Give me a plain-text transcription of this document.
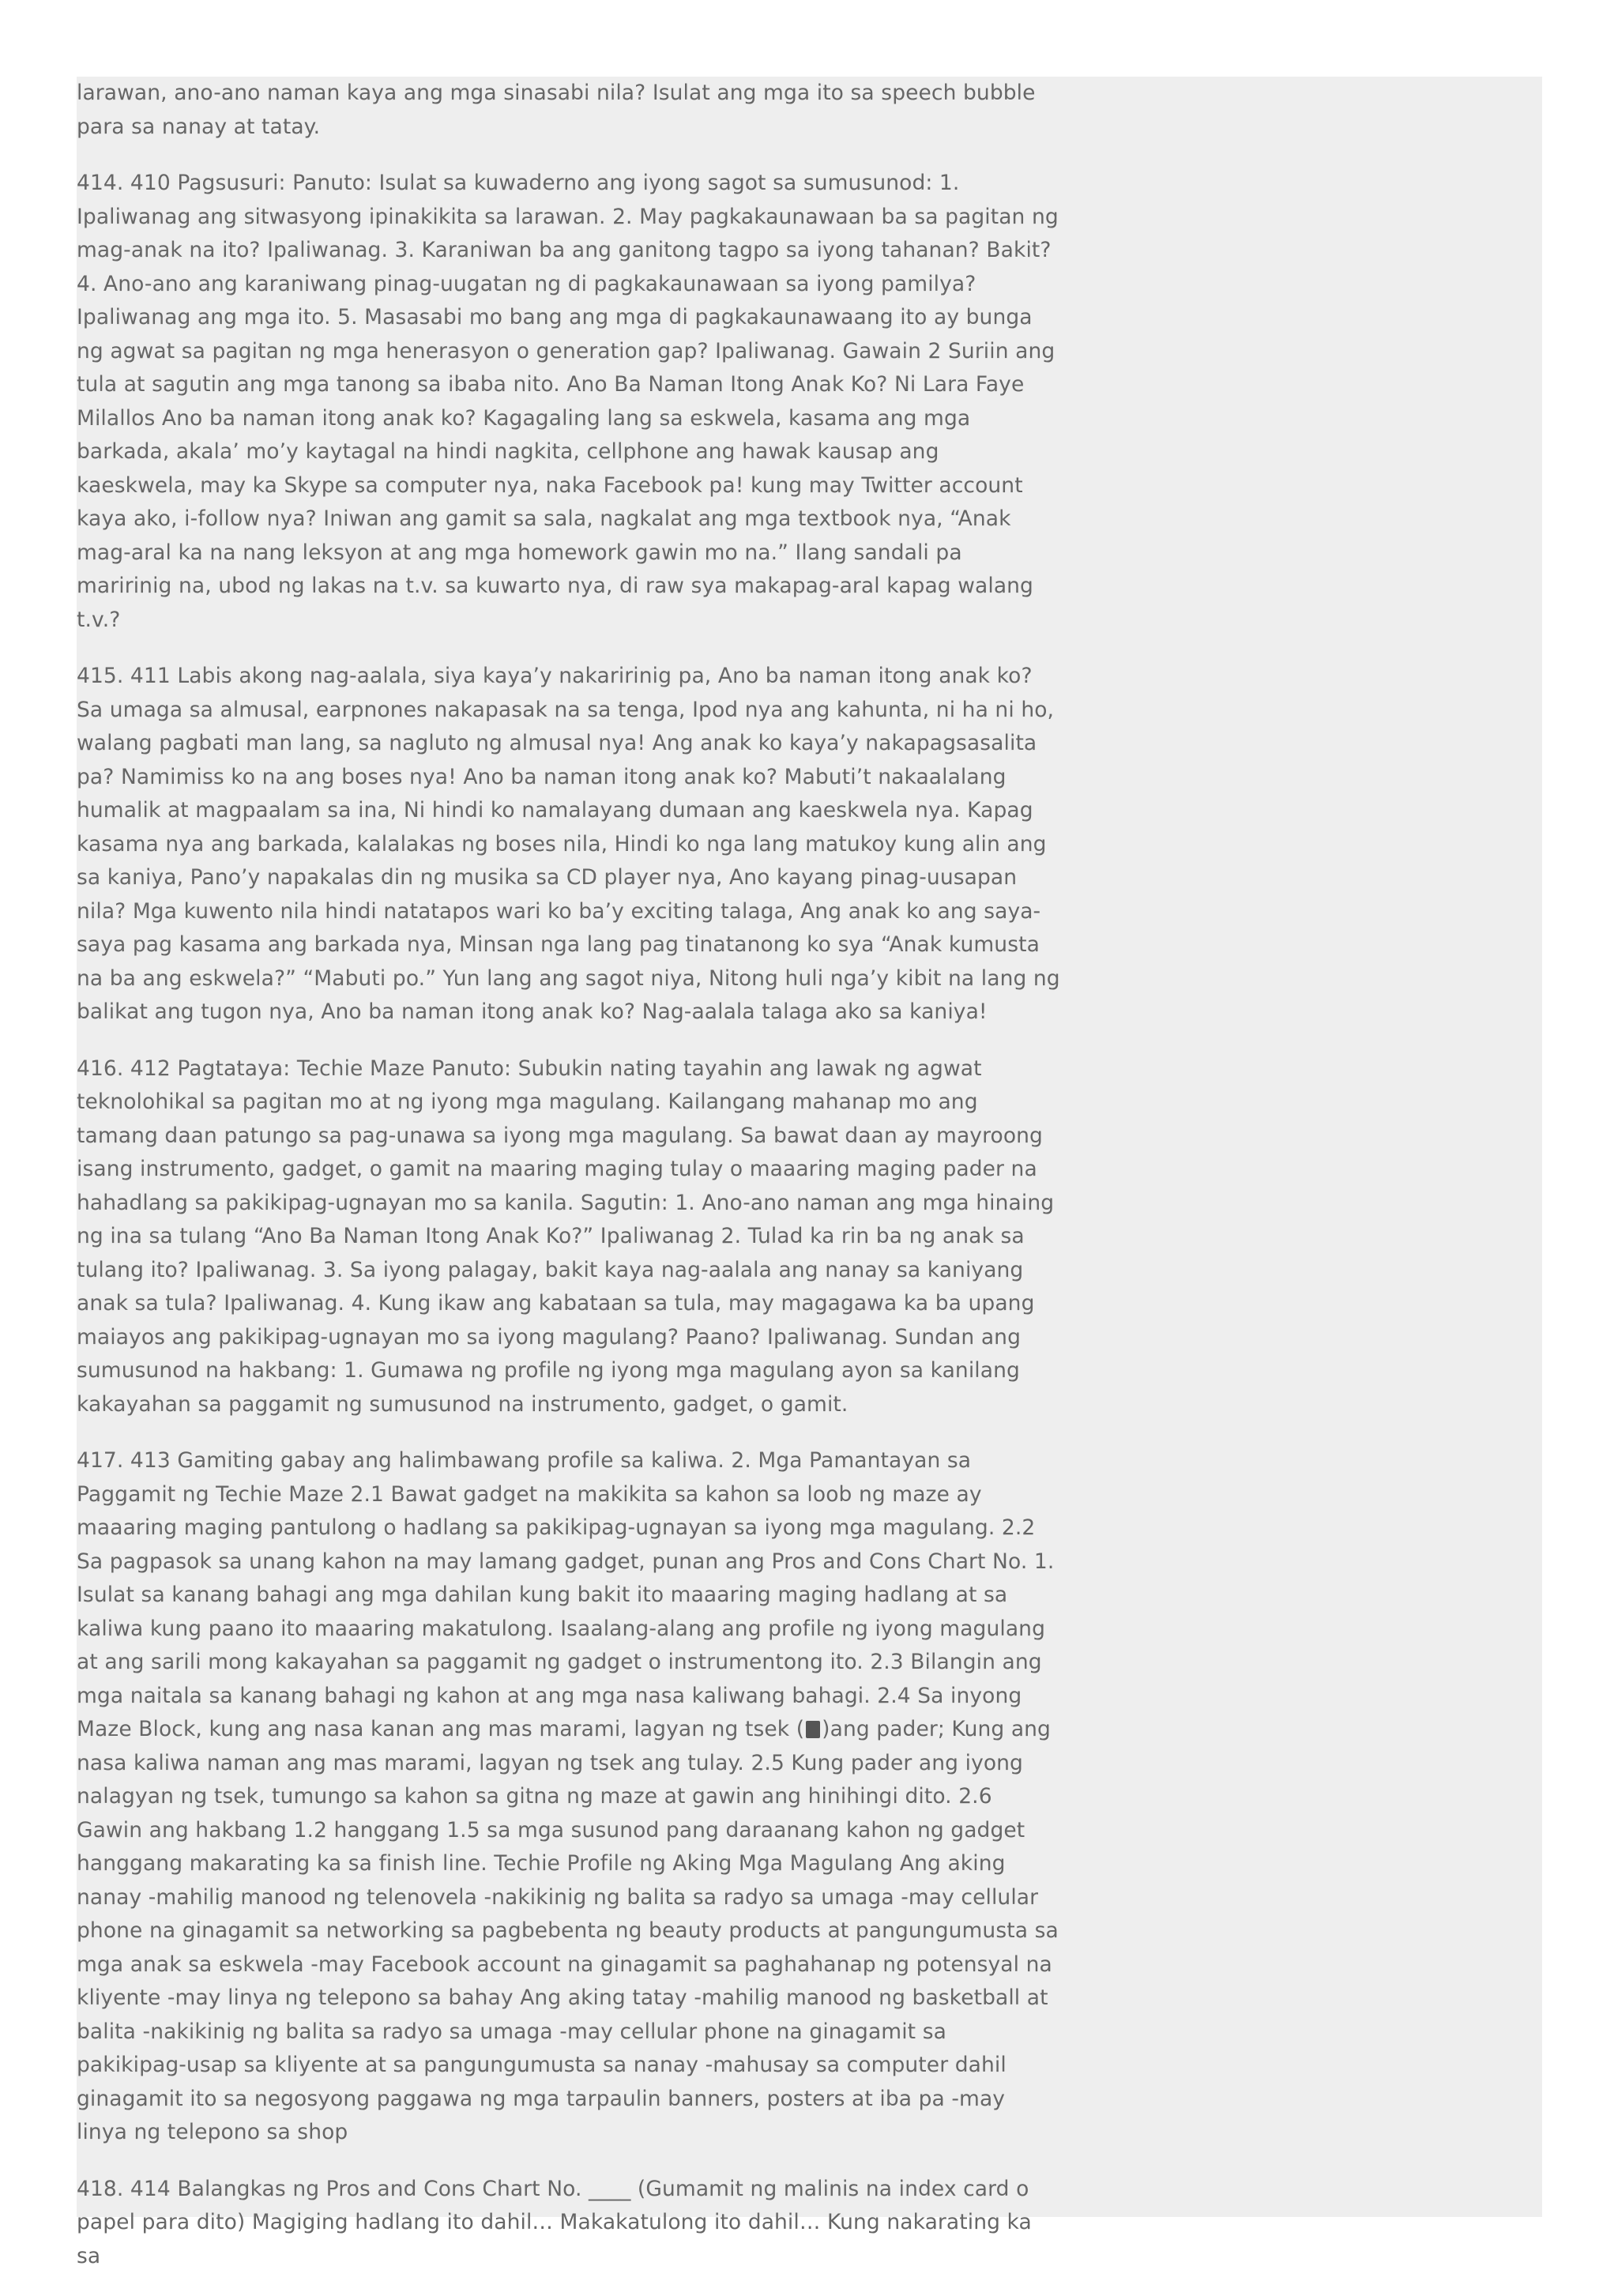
larawan, ano-ano naman kaya ang mga sinasabi nila? Isulat ang mga ito sa speech bubble para sa nanay at tatay.

414. 410 Pagsusuri: Panuto: Isulat sa kuwaderno ang iyong sagot sa sumusunod: 1. Ipaliwanag ang sitwasyong ipinakikita sa larawan. 2. May pagkakaunawaan ba sa pagitan ng mag-anak na ito? Ipaliwanag. 3. Karaniwan ba ang ganitong tagpo sa iyong tahanan? Bakit? 4. Ano-ano ang karaniwang pinag-uugatan ng di pagkakaunawaan sa iyong pamilya? Ipaliwanag ang mga ito. 5. Masasabi mo bang ang mga di pagkakaunawaang ito ay bunga ng agwat sa pagitan ng mga henerasyon o generation gap? Ipaliwanag. Gawain 2 Suriin ang tula at sagutin ang mga tanong sa ibaba nito. Ano Ba Naman Itong Anak Ko? Ni Lara Faye Milallos Ano ba naman itong anak ko? Kagagaling lang sa eskwela, kasama ang mga barkada, akala’ mo’y kaytagal na hindi nagkita, cellphone ang hawak kausap ang kaeskwela, may ka Skype sa computer nya, naka Facebook pa! kung may Twitter account kaya ako, i-follow nya? Iniwan ang gamit sa sala, nagkalat ang mga textbook nya, “Anak mag-aral ka na nang leksyon at ang mga homework gawin mo na.” Ilang sandali pa maririnig na, ubod ng lakas na t.v. sa kuwarto nya, di raw sya makapag-aral kapag walang t.v.?

415. 411 Labis akong nag-aalala, siya kaya’y nakaririnig pa, Ano ba naman itong anak ko? Sa umaga sa almusal, earpnones nakapasak na sa tenga, Ipod nya ang kahunta, ni ha ni ho, walang pagbati man lang, sa nagluto ng almusal nya! Ang anak ko kaya’y nakapagsasalita pa? Namimiss ko na ang boses nya! Ano ba naman itong anak ko? Mabuti’t nakaalalang humalik at magpaalam sa ina, Ni hindi ko namalayang dumaan ang kaeskwela nya. Kapag kasama nya ang barkada, kalalakas ng boses nila, Hindi ko nga lang matukoy kung alin ang sa kaniya, Pano’y napakalas din ng musika sa CD player nya, Ano kayang pinag-uusapan nila? Mga kuwento nila hindi natatapos wari ko ba’y exciting talaga, Ang anak ko ang saya-saya pag kasama ang barkada nya, Minsan nga lang pag tinatanong ko sya “Anak kumusta na ba ang eskwela?” “Mabuti po.” Yun lang ang sagot niya, Nitong huli nga’y kibit na lang ng balikat ang tugon nya, Ano ba naman itong anak ko? Nag-aalala talaga ako sa kaniya!

416. 412 Pagtataya: Techie Maze Panuto: Subukin nating tayahin ang lawak ng agwat teknolohikal sa pagitan mo at ng iyong mga magulang. Kailangang mahanap mo ang tamang daan patungo sa pag-unawa sa iyong mga magulang. Sa bawat daan ay mayroong isang instrumento, gadget, o gamit na maaring maging tulay o maaaring maging pader na hahadlang sa pakikipag-ugnayan mo sa kanila. Sagutin: 1. Ano-ano naman ang mga hinaing ng ina sa tulang “Ano Ba Naman Itong Anak Ko?” Ipaliwanag 2. Tulad ka rin ba ng anak sa tulang ito? Ipaliwanag. 3. Sa iyong palagay, bakit kaya nag-aalala ang nanay sa kaniyang anak sa tula? Ipaliwanag. 4. Kung ikaw ang kabataan sa tula, may magagawa ka ba upang maiayos ang pakikipag-ugnayan mo sa iyong magulang? Paano? Ipaliwanag. Sundan ang sumusunod na hakbang: 1. Gumawa ng profile ng iyong mga magulang ayon sa kanilang kakayahan sa paggamit ng sumusunod na instrumento, gadget, o gamit.

417. 413 Gamiting gabay ang halimbawang profile sa kaliwa. 2. Mga Pamantayan sa Paggamit ng Techie Maze 2.1 Bawat gadget na makikita sa kahon sa loob ng maze ay maaaring maging pantulong o hadlang sa pakikipag-ugnayan sa iyong mga magulang. 2.2 Sa pagpasok sa unang kahon na may lamang gadget, punan ang Pros and Cons Chart No. 1. Isulat sa kanang bahagi ang mga dahilan kung bakit ito maaaring maging hadlang at sa kaliwa kung paano ito maaaring makatulong. Isaalang-alang ang profile ng iyong magulang at ang sarili mong kakayahan sa paggamit ng gadget o instrumentong ito. 2.3 Bilangin ang mga naitala sa kanang bahagi ng kahon at ang mga nasa kaliwang bahagi. 2.4 Sa inyong Maze Block, kung ang nasa kanan ang mas marami, lagyan ng tsek ( )ang pader; Kung ang nasa kaliwa naman ang mas marami, lagyan ng tsek ang tulay. 2.5 Kung pader ang iyong nalagyan ng tsek, tumungo sa kahon sa gitna ng maze at gawin ang hinihingi dito. 2.6 Gawin ang hakbang 1.2 hanggang 1.5 sa mga susunod pang daraanang kahon ng gadget hanggang makarating ka sa finish line. Techie Profile ng Aking Mga Magulang Ang aking nanay -mahilig manood ng telenovela -nakikinig ng balita sa radyo sa umaga -may cellular phone na ginagamit sa networking sa pagbebenta ng beauty products at pangungumusta sa mga anak sa eskwela -may Facebook account na ginagamit sa paghahanap ng potensyal na kliyente -may linya ng telepono sa bahay Ang aking tatay -mahilig manood ng basketball at balita -nakikinig ng balita sa radyo sa umaga -may cellular phone na ginagamit sa pakikipag-usap sa kliyente at sa pangungumusta sa nanay -mahusay sa computer dahil ginagamit ito sa negosyong paggawa ng mga tarpaulin banners, posters at iba pa -may linya ng telepono sa shop

418. 414 Balangkas ng Pros and Cons Chart No. ____ (Gumamit ng malinis na index card o papel para dito) Magiging hadlang ito dahil… Makakatulong ito dahil… Kung nakarating ka sa
